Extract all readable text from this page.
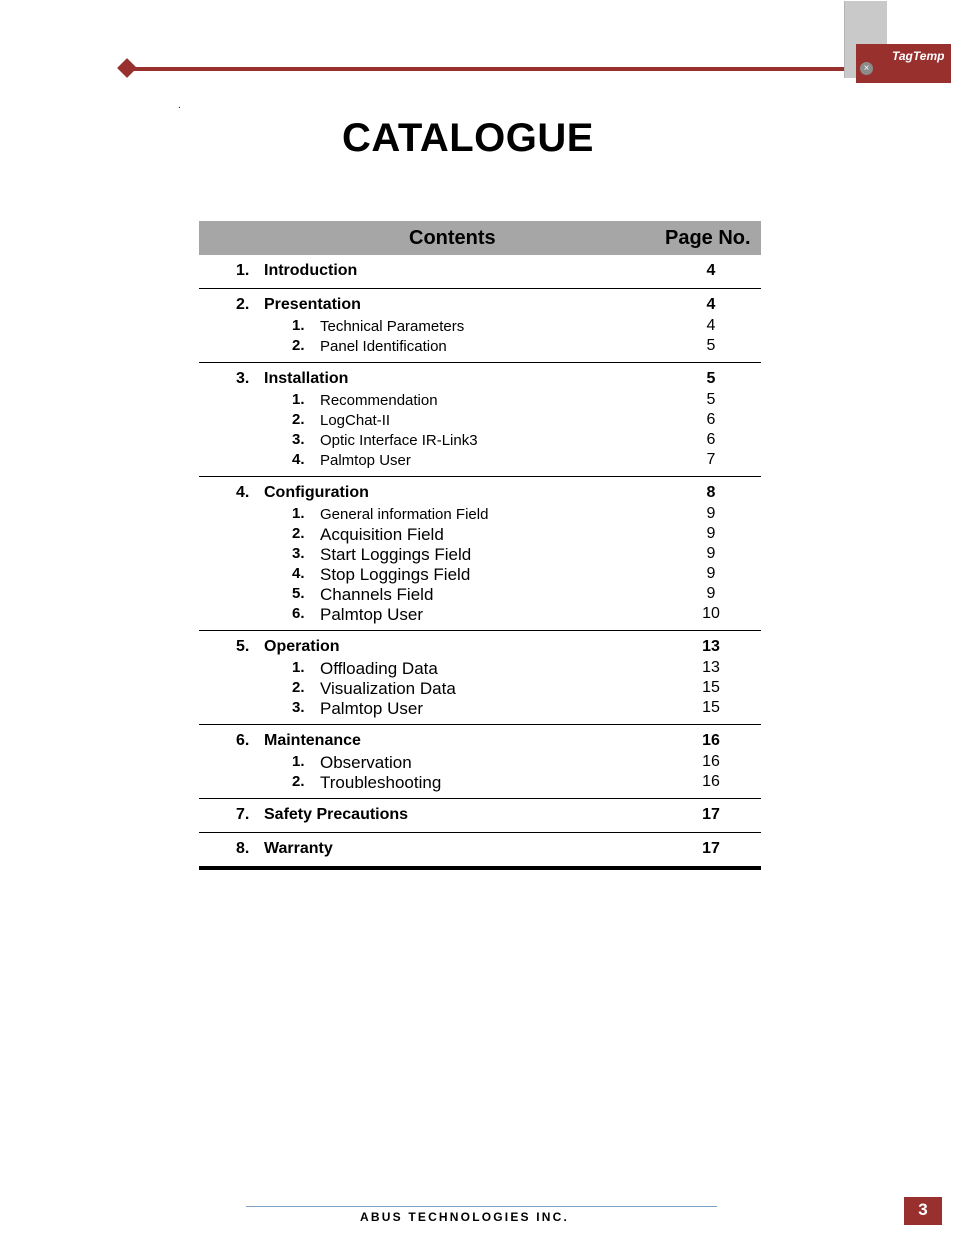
×
TagTemp
.
CATALOGUE
Contents	Page No.
1. Introduction	4
2. Presentation	4
1. Technical Parameters	4
2. Panel Identification	5
3. Installation	5
1. Recommendation	5
2. LogChat-II	6
3. Optic Interface IR-Link3	6
4. Palmtop User	7
4. Configuration	8
1. General information Field	9
2. Acquisition Field	9
3. Start Loggings Field	9
4. Stop Loggings Field	9
5. Channels Field	9
6. Palmtop User	10
5. Operation	13
1. Offloading Data	13
2. Visualization Data	15
3. Palmtop User	15
6. Maintenance	16
1. Observation	16
2. Troubleshooting	16
7. Safety Precautions	17
8. Warranty	17
ABUS TECHNOLOGIES INC.	3
